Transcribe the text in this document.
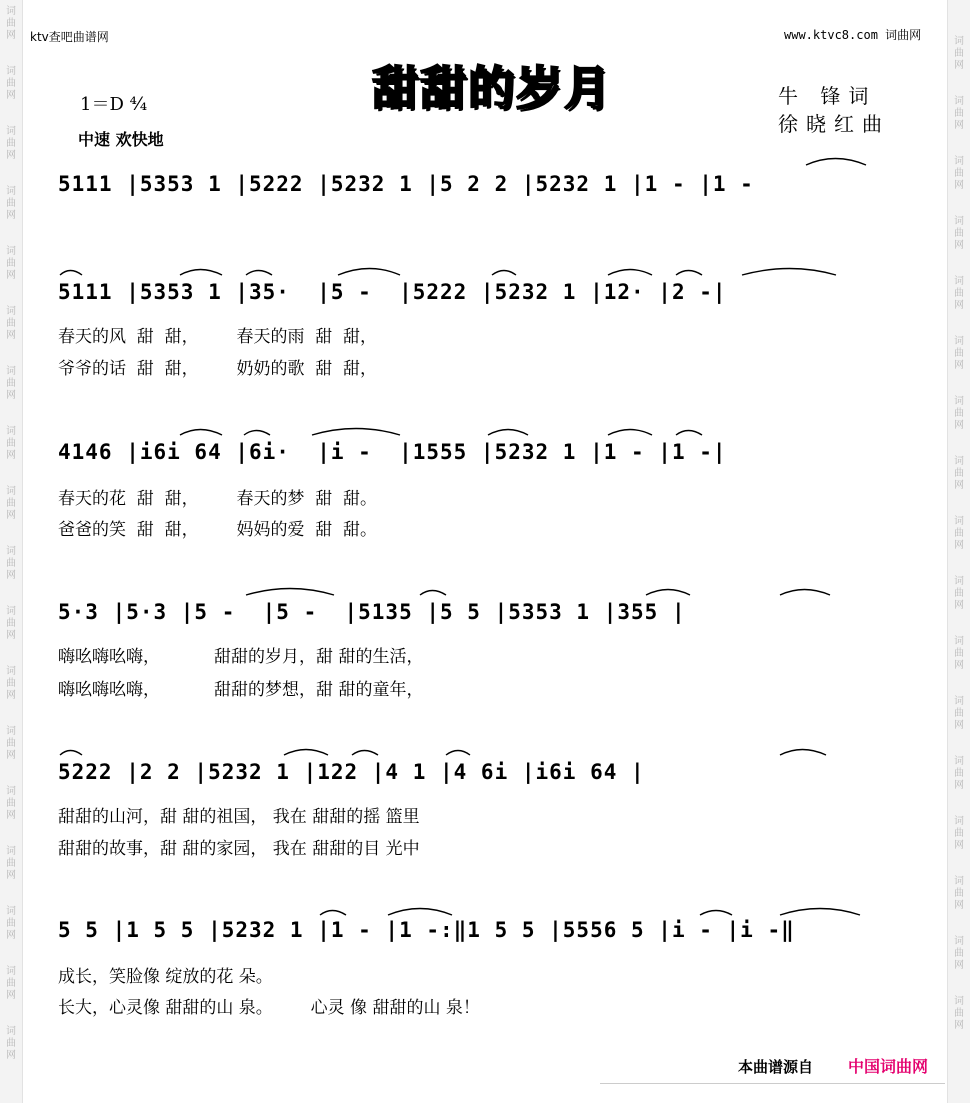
词曲网
词曲网
词曲网
词曲网
词曲网
词曲网
词曲网
词曲网
词曲网
词曲网
词曲网
词曲网
词曲网
词曲网
词曲网
词曲网
词曲网
词曲网
词曲网
词曲网
词曲网
词曲网
词曲网
词曲网
词曲网
词曲网
词曲网
词曲网
词曲网
词曲网
词曲网
词曲网
词曲网
词曲网
词曲网
ktv查吧曲谱网	www.ktvc8.com 词曲网
甜甜的岁月
1＝D ⁴⁄₄
中速 欢快地
牛 锋词
徐晓红曲
5111 |5353 1 |5222 |5232 1 |5 2 2 |5232 1 |1 - |1 -
5111 |5353 1 |35·  |5 -  |5222 |5232 1 |12· |2 -|
春天的风  甜  甜，       春天的雨  甜  甜，
爷爷的话  甜  甜，       奶奶的歌  甜  甜，
4146 |i6i 64 |6i·  |i -  |1555 |5232 1 |1 - |1 -|
春天的花  甜  甜，       春天的梦  甜  甜。
爸爸的笑  甜  甜，       妈妈的爱  甜  甜。
5·3 |5·3 |5 -  |5 -  |5135 |5 5 |5353 1 |355 |
嗨吆嗨吆嗨，          甜甜的岁月，甜 甜的生活，
嗨吆嗨吆嗨，          甜甜的梦想，甜 甜的童年，
5222 |2 2 |5232 1 |122 |4 1 |4 6i |i6i 64 |
甜甜的山河，甜 甜的祖国， 我在 甜甜的摇 篮里
甜甜的故事，甜 甜的家园， 我在 甜甜的目 光中
5 5 |1 5 5 |5232 1 |1 - |1 -:‖1 5 5 |5556 5 |i - |i -‖
成长，笑脸像 绽放的花 朵。
长大，心灵像 甜甜的山 泉。       心灵 像 甜甜的山 泉！
本曲谱源自 中国词曲网
